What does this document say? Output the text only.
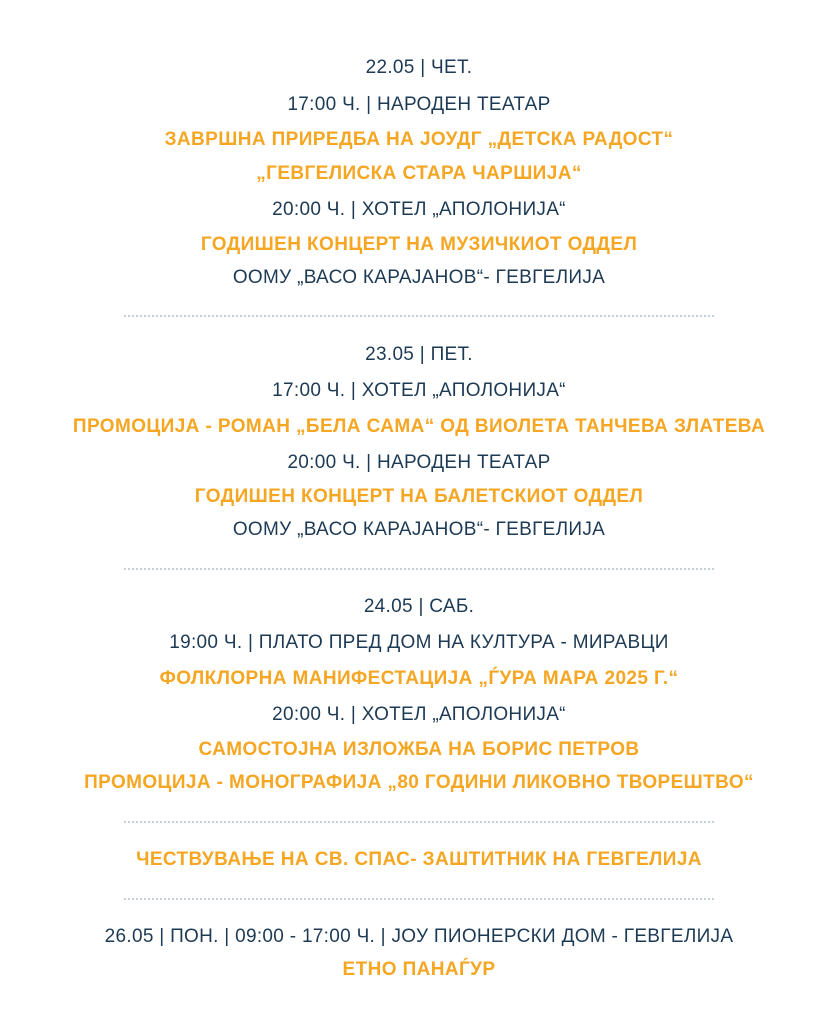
22.05 | ЧЕТ.
17:00 Ч. | НАРОДЕН ТЕАТАР
ЗАВРШНА ПРИРЕДБА НА ЈОУДГ „ДЕТСКА РАДОСТ“
„ГЕВГЕЛИСКА СТАРА ЧАРШИЈА“
20:00 Ч. | ХОТЕЛ „АПОЛОНИЈА“
ГОДИШЕН КОНЦЕРТ НА МУЗИЧКИОТ ОДДЕЛ
ООМУ „ВАСО КАРАЈАНОВ“- ГЕВГЕЛИЈА
23.05 | ПЕТ.
17:00 Ч. | ХОТЕЛ „АПОЛОНИЈА“
ПРОМОЦИЈА - РОМАН „БЕЛА САМА“ ОД ВИОЛЕТА ТАНЧЕВА ЗЛАТЕВА
20:00 Ч. | НАРОДЕН ТЕАТАР
ГОДИШЕН КОНЦЕРТ НА БАЛЕТСКИОТ ОДДЕЛ
ООМУ „ВАСО КАРАЈАНОВ“- ГЕВГЕЛИЈА
24.05 | САБ.
19:00 Ч. | ПЛАТО ПРЕД ДОМ НА КУЛТУРА - МИРАВЦИ
ФОЛКЛОРНА МАНИФЕСТАЦИЈА „ЃУРА МАРА 2025 Г.“
20:00 Ч. | ХОТЕЛ „АПОЛОНИЈА“
САМОСТОЈНА ИЗЛОЖБА НА БОРИС ПЕТРОВ
ПРОМОЦИЈА - МОНОГРАФИЈА „80 ГОДИНИ ЛИКОВНО ТВОРЕШТВО“
ЧЕСТВУВАЊЕ НА СВ. СПАС- ЗАШТИТНИК НА ГЕВГЕЛИЈА
26.05 | ПОН. | 09:00 - 17:00 Ч. | ЈОУ ПИОНЕРСКИ ДОМ - ГЕВГЕЛИЈА
ЕТНО ПАНАЃУР
